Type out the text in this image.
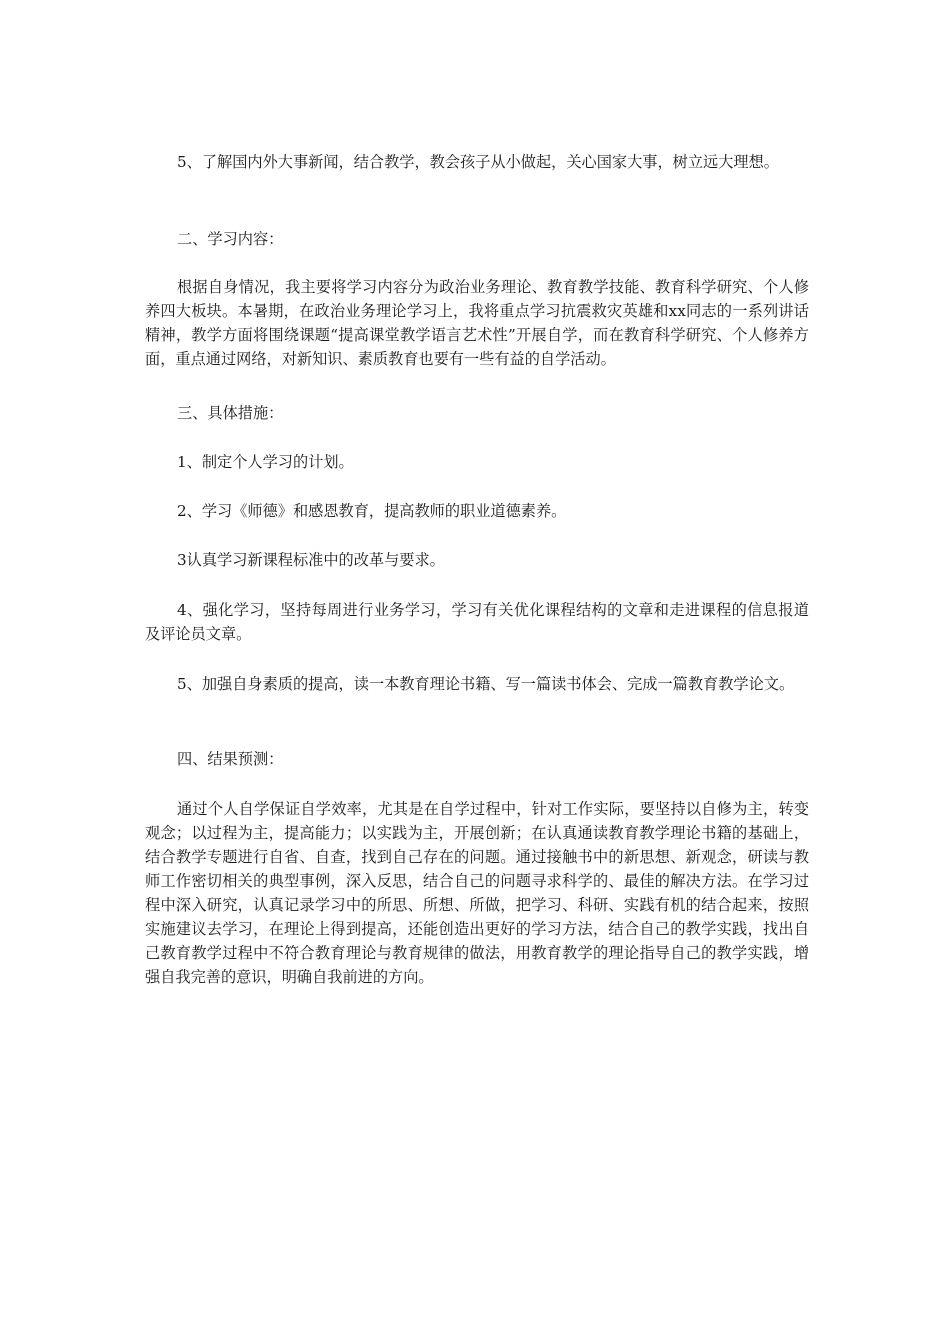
5、了解国内外大事新闻，结合教学，教会孩子从小做起，关心国家大事，树立远大理想。

二、学习内容：

根据自身情况，我主要将学习内容分为政治业务理论、教育教学技能、教育科学研究、个人修养四大板块。本暑期，在政治业务理论学习上，我将重点学习抗震救灾英雄和xx同志的一系列讲话精神，教学方面将围绕课题“提高课堂教学语言艺术性”开展自学，而在教育科学研究、个人修养方面，重点通过网络，对新知识、素质教育也要有一些有益的自学活动。

三、具体措施：

1、制定个人学习的计划。

2、学习《师德》和感恩教育，提高教师的职业道德素养。

3认真学习新课程标准中的改革与要求。

4、强化学习，坚持每周进行业务学习，学习有关优化课程结构的文章和走进课程的信息报道及评论员文章。

5、加强自身素质的提高，读一本教育理论书籍、写一篇读书体会、完成一篇教育教学论文。

四、结果预测：

通过个人自学保证自学效率，尤其是在自学过程中，针对工作实际，要坚持以自修为主，转变观念；以过程为主，提高能力；以实践为主，开展创新；在认真通读教育教学理论书籍的基础上，结合教学专题进行自省、自查，找到自己存在的问题。通过接触书中的新思想、新观念，研读与教师工作密切相关的典型事例，深入反思，结合自己的问题寻求科学的、最佳的解决方法。在学习过程中深入研究，认真记录学习中的所思、所想、所做，把学习、科研、实践有机的结合起来，按照实施建议去学习，在理论上得到提高，还能创造出更好的学习方法，结合自己的教学实践，找出自己教育教学过程中不符合教育理论与教育规律的做法，用教育教学的理论指导自己的教学实践，增强自我完善的意识，明确自我前进的方向。
